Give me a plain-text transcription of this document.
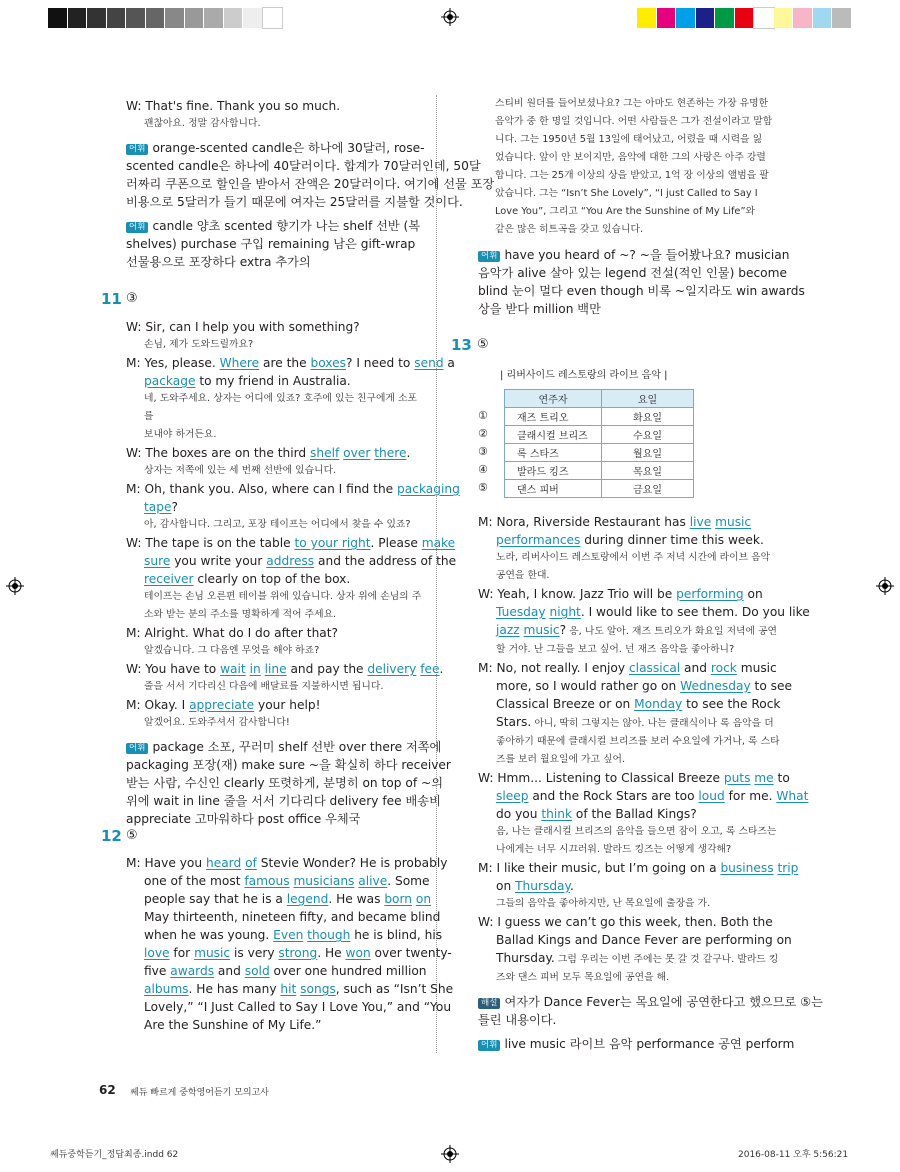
W: That's fine. Thank you so much.
괜찮아요. 정말 감사합니다.
어휘 orange-scented candle은 하나에 30달러, rose-
scented candle은 하나에 40달러이다. 합계가 70달러인데, 50달
러짜리 쿠폰으로 할인을 받아서 잔액은 20달러이다. 여기에 선물 포장
비용으로 5달러가 들기 때문에 여자는 25달러를 지불할 것이다.
어휘 candle 양초 scented 향기가 나는 shelf 선반 (복
shelves) purchase 구입 remaining 남은 gift-wrap
선물용으로 포장하다 extra 추가의
11 ③
W: Sir, can I help you with something?
손님, 제가 도와드릴까요?
M: Yes, please. Where are the boxes? I need to send a
package to my friend in Australia.
네, 도와주세요. 상자는 어디에 있죠? 호주에 있는 친구에게 소포를
보내야 하거든요.
W: The boxes are on the third shelf over there.
상자는 저쪽에 있는 세 번째 선반에 있습니다.
M: Oh, thank you. Also, where can I find the packaging
tape?
아, 감사합니다. 그리고, 포장 테이프는 어디에서 찾을 수 있죠?
W: The tape is on the table to your right. Please make
sure you write your address and the address of the
receiver clearly on top of the box.
테이프는 손님 오른편 테이블 위에 있습니다. 상자 위에 손님의 주
소와 받는 분의 주소를 명확하게 적어 주세요.
M: Alright. What do I do after that?
알겠습니다. 그 다음엔 무엇을 해야 하죠?
W: You have to wait in line and pay the delivery fee.
줄을 서서 기다리신 다음에 배달료를 지불하시면 됩니다.
M: Okay. I appreciate your help!
알겠어요. 도와주셔서 감사합니다!
어휘 package 소포, 꾸러미 shelf 선반 over there 저쪽에
packaging 포장(재) make sure ~을 확실히 하다 receiver
받는 사람, 수신인 clearly 또렷하게, 분명히 on top of ~의
위에 wait in line 줄을 서서 기다리다 delivery fee 배송비
appreciate 고마워하다 post office 우체국
12 ⑤
M: Have you heard of Stevie Wonder? He is probably
one of the most famous musicians alive. Some
people say that he is a legend. He was born on
May thirteenth, nineteen fifty, and became blind
when he was young. Even though he is blind, his
love for music is very strong. He won over twenty-
five awards and sold over one hundred million
albums. He has many hit songs, such as “Isn’t She
Lovely,” “I Just Called to Say I Love You,” and “You
Are the Sunshine of My Life.”
스티비 원더를 들어보셨나요? 그는 아마도 현존하는 가장 유명한
음악가 중 한 명일 것입니다. 어떤 사람들은 그가 전설이라고 말합
니다. 그는 1950년 5월 13일에 태어났고, 어렸을 때 시력을 잃
었습니다. 앞이 안 보이지만, 음악에 대한 그의 사랑은 아주 강렬
합니다. 그는 25개 이상의 상을 받았고, 1억 장 이상의 앨범을 팔
았습니다. 그는 “Isn’t She Lovely”, “I just Called to Say I
Love You”, 그리고 “You Are the Sunshine of My Life”와
같은 많은 히트곡을 갖고 있습니다.
어휘 have you heard of ~? ~을 들어봤나요? musician
음악가 alive 살아 있는 legend 전설(적인 인물) become
blind 눈이 멀다 even though 비록 ~일지라도 win awards
상을 받다 million 백만
13 ⑤
| 리버사이드 레스토랑의 라이브 음악 |
①
②
③
④
⑤
연주자	요일
재즈 트리오	화요일
클래시컬 브리즈	수요일
록 스타즈	월요일
발라드 킹즈	목요일
댄스 피버	금요일
M: Nora, Riverside Restaurant has live music
performances during dinner time this week.
노라, 리버사이드 레스토랑에서 이번 주 저녁 시간에 라이브 음악
공연을 한대.
W: Yeah, I know. Jazz Trio will be performing on
Tuesday night. I would like to see them. Do you like
jazz music? 응, 나도 알아. 재즈 트리오가 화요일 저녁에 공연
할 거야. 난 그들을 보고 싶어. 넌 재즈 음악을 좋아하니?
M: No, not really. I enjoy classical and rock music
more, so I would rather go on Wednesday to see
Classical Breeze or on Monday to see the Rock
Stars. 아니, 딱히 그렇지는 않아. 나는 클래식이나 록 음악을 더
좋아하기 때문에 클래시컬 브리즈를 보러 수요일에 가거나, 록 스타
즈를 보러 월요일에 가고 싶어.
W: Hmm... Listening to Classical Breeze puts me to
sleep and the Rock Stars are too loud for me. What
do you think of the Ballad Kings?
음, 나는 클래시컬 브리즈의 음악을 들으면 잠이 오고, 록 스타즈는
나에게는 너무 시끄러워. 발라드 킹즈는 어떻게 생각해?
M: I like their music, but I’m going on a business trip
on Thursday.
그들의 음악을 좋아하지만, 난 목요일에 출장을 가.
W: I guess we can’t go this week, then. Both the
Ballad Kings and Dance Fever are performing on
Thursday. 그럼 우리는 이번 주에는 못 갈 것 같구나. 발라드 킹
즈와 댄스 피버 모두 목요일에 공연을 해.
해설 여자가 Dance Fever는 목요일에 공연한다고 했으므로 ⑤는
틀린 내용이다.
어휘 live music 라이브 음악 performance 공연 perform
62 쎄듀 빠르게 중학영어듣기 모의고사
쎄듀중학듣기_정답최종.indd 62	2016-08-11 오후 5:56:21
